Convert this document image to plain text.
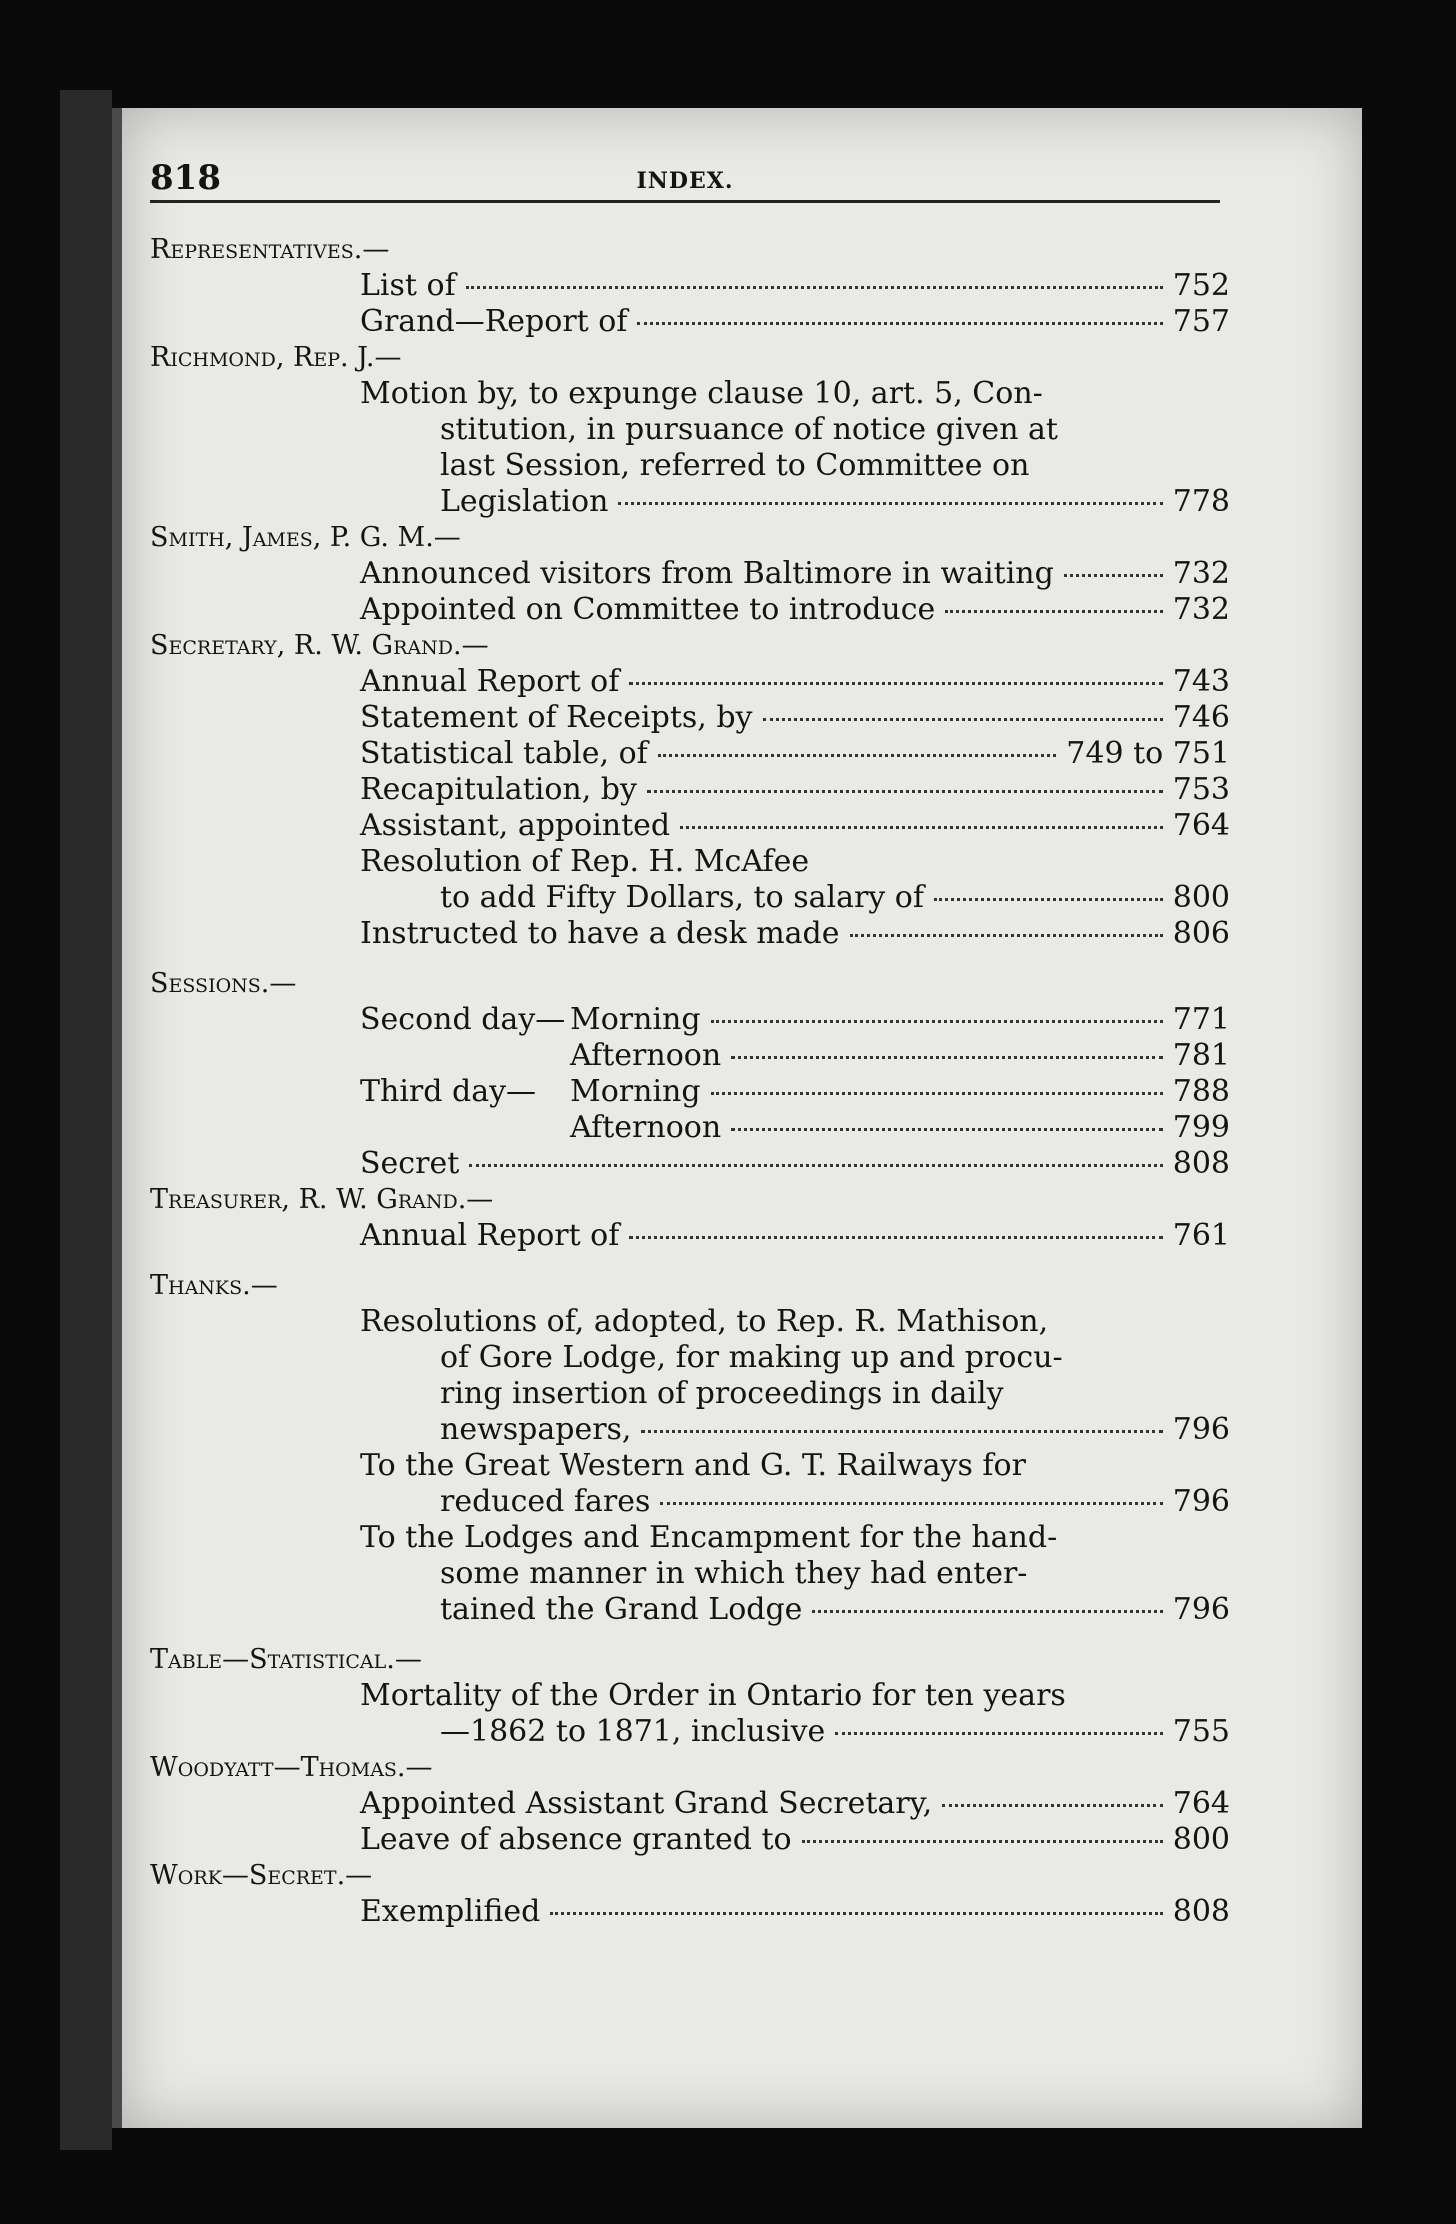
818	INDEX.
Representatives.—
List of	752
Grand—Report of	757
Richmond, Rep. J.—
Motion by, to expunge clause 10, art. 5, Con-
stitution, in pursuance of notice given at
last Session, referred to Committee on
Legislation	778
Smith, James, P. G. M.—
Announced visitors from Baltimore in waiting	732
Appointed on Committee to introduce	732
Secretary, R. W. Grand.—
Annual Report of	743
Statement of Receipts, by	746
Statistical table, of	749 to 751
Recapitulation, by	753
Assistant, appointed	764
Resolution of Rep. H. McAfee
to add Fifty Dollars, to salary of	800
Instructed to have a desk made	806
Sessions.—
Second day— Morning	771
Afternoon	781
Third day— Morning	788
Afternoon	799
Secret	808
Treasurer, R. W. Grand.—
Annual Report of	761
Thanks.—
Resolutions of, adopted, to Rep. R. Mathison,
of Gore Lodge, for making up and procu-
ring insertion of proceedings in daily
newspapers,	796
To the Great Western and G. T. Railways for
reduced fares	796
To the Lodges and Encampment for the hand-
some manner in which they had enter-
tained the Grand Lodge	796
Table—Statistical.—
Mortality of the Order in Ontario for ten years
—1862 to 1871, inclusive	755
Woodyatt—Thomas.—
Appointed Assistant Grand Secretary,	764
Leave of absence granted to	800
Work—Secret.—
Exemplified	808
